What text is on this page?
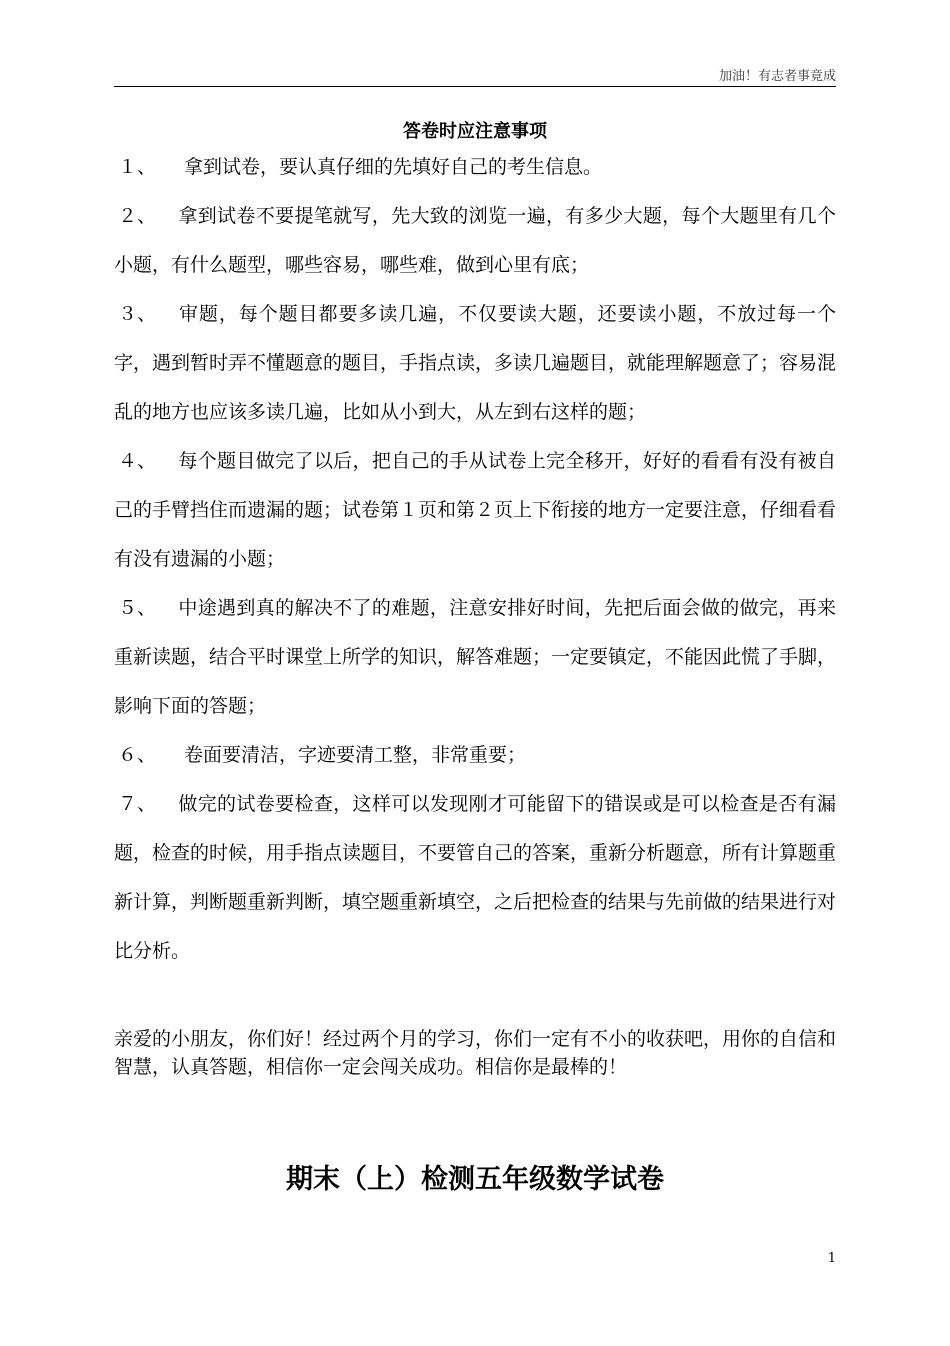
加油！有志者事竟成
答卷时应注意事项

１、 拿到试卷，要认真仔细的先填好自己的考生信息。

２、 拿到试卷不要提笔就写，先大致的浏览一遍，有多少大题，每个大题里有几个小题，有什么题型，哪些容易，哪些难，做到心里有底；

３、 审题，每个题目都要多读几遍，不仅要读大题，还要读小题，不放过每一个字，遇到暂时弄不懂题意的题目，手指点读，多读几遍题目，就能理解题意了；容易混乱的地方也应该多读几遍，比如从小到大，从左到右这样的题；

４、 每个题目做完了以后，把自己的手从试卷上完全移开，好好的看看有没有被自己的手臂挡住而遗漏的题；试卷第１页和第２页上下衔接的地方一定要注意，仔细看看有没有遗漏的小题；

５、 中途遇到真的解决不了的难题，注意安排好时间，先把后面会做的做完，再来重新读题，结合平时课堂上所学的知识，解答难题；一定要镇定，不能因此慌了手脚，影响下面的答题；

６、 卷面要清洁，字迹要清工整，非常重要；

７、 做完的试卷要检查，这样可以发现刚才可能留下的错误或是可以检查是否有漏题，检查的时候，用手指点读题目，不要管自己的答案，重新分析题意，所有计算题重新计算，判断题重新判断，填空题重新填空，之后把检查的结果与先前做的结果进行对比分析。

亲爱的小朋友，你们好！经过两个月的学习，你们一定有不小的收获吧，用你的自信和智慧，认真答题，相信你一定会闯关成功。相信你是最棒的！
期末（上）检测五年级数学试卷
1
